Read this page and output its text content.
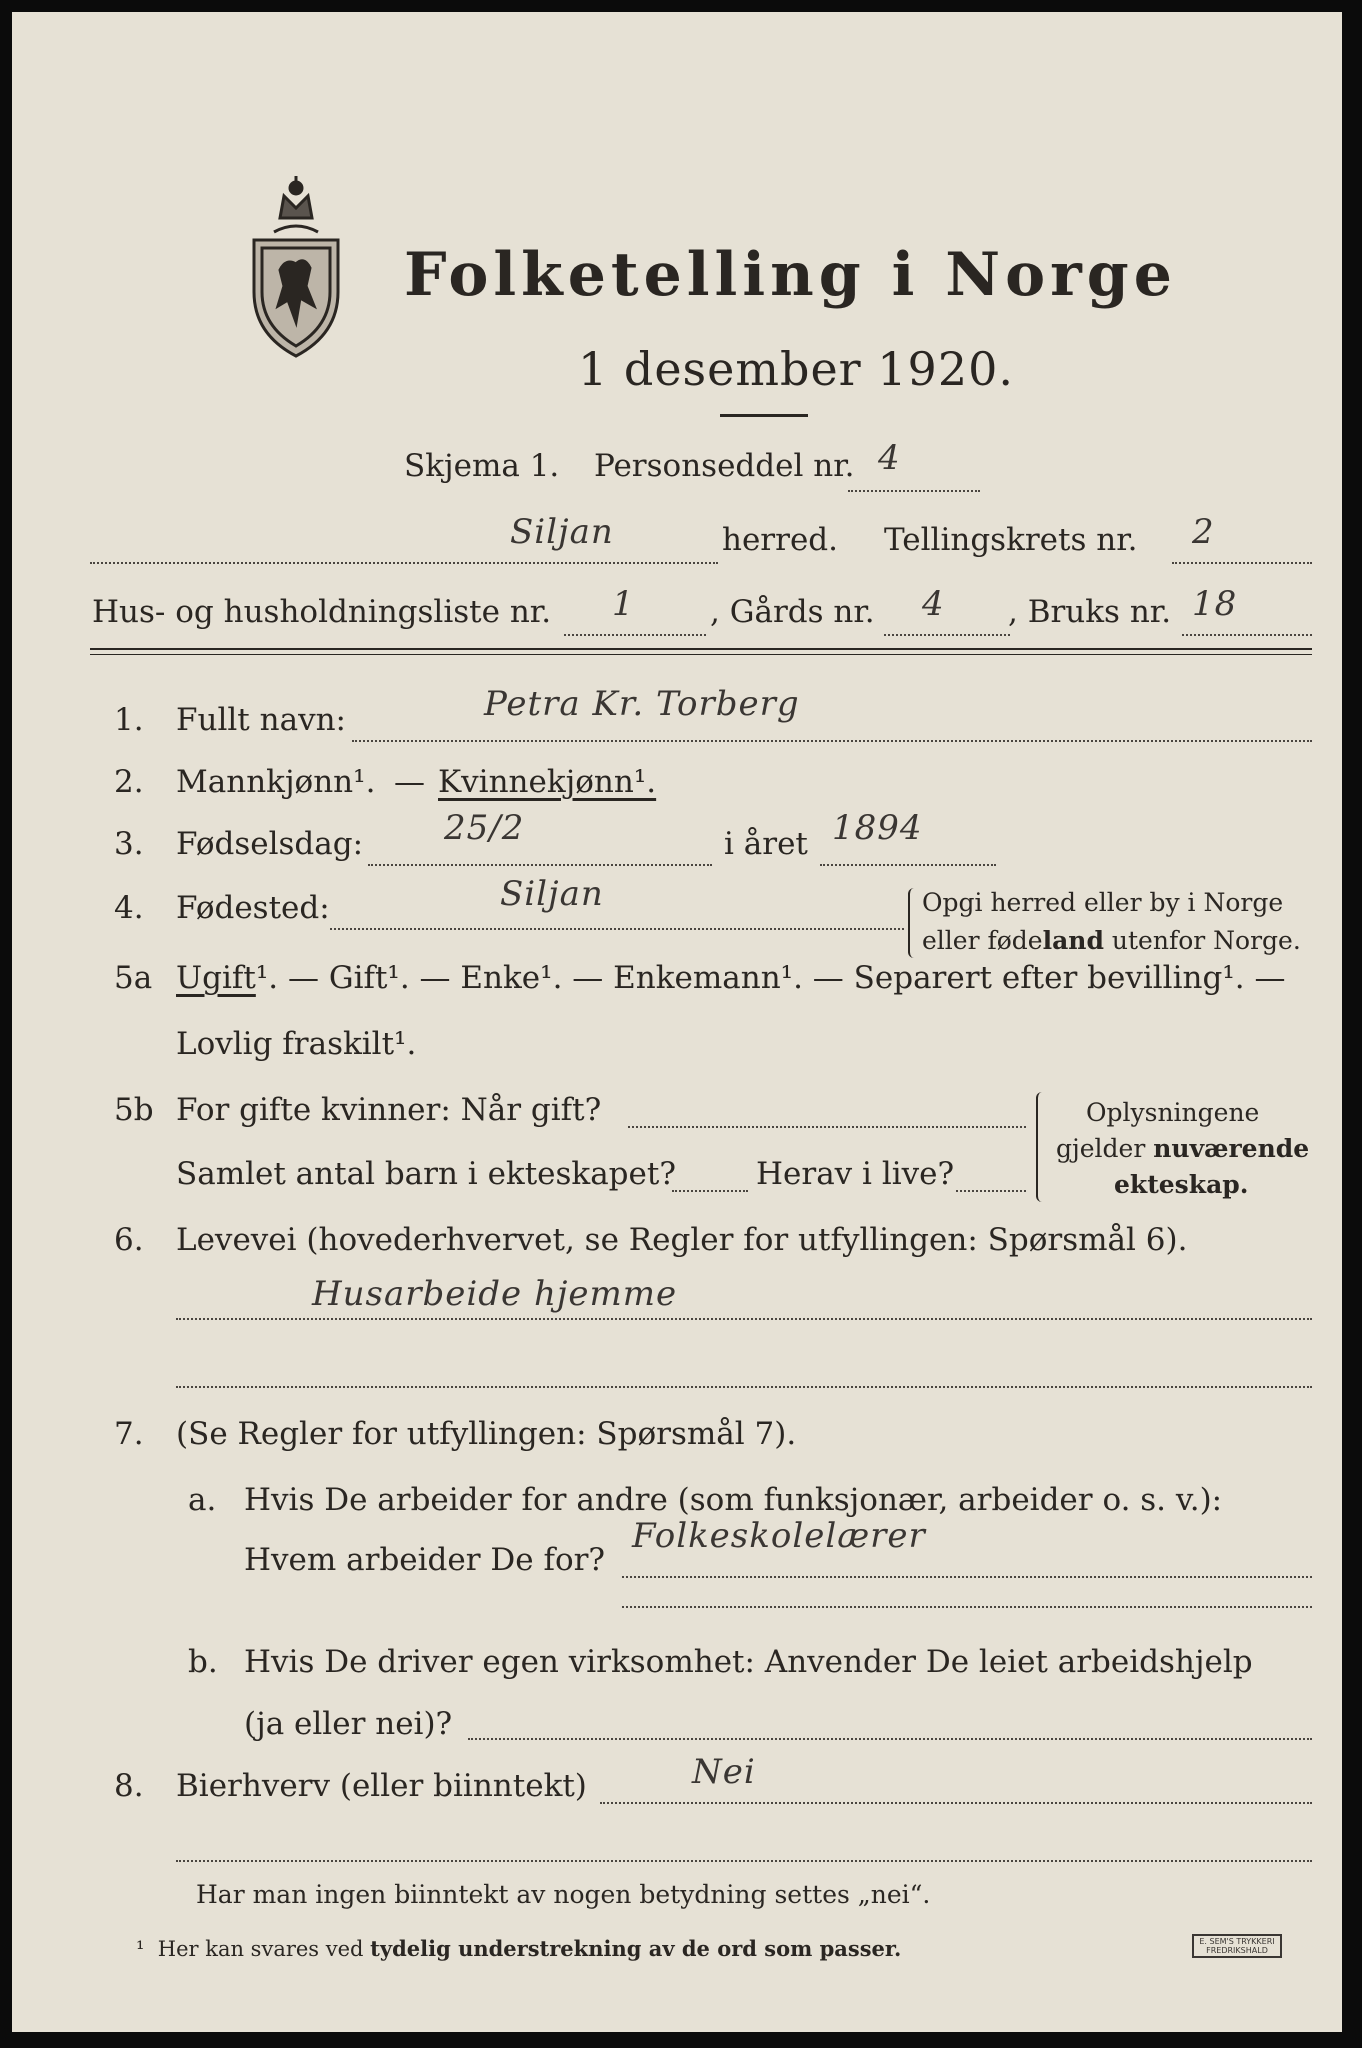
Folketelling i Norge
1 desember 1920.
Skjema 1. Personseddel nr. 4
Siljan	herred. Tellingskrets nr. 2
Hus- og husholdningsliste nr. 1 , Gårds nr. 4 , Bruks nr. 18
1. Fullt navn:	Petra Kr. Torberg
2. Mannkjønn¹. — Kvinnekjønn¹.
3. Fødselsdag: 25/2	i året 1894
4. Fødested:	Siljan	Opgi herred eller by i Norge
eller fødeland utenfor Norge.
5a Ugift¹. — Gift¹. — Enke¹. — Enkemann¹. — Separert efter bevilling¹. —
Lovlig fraskilt¹.
5b For gifte kvinner: Når gift?
Samlet antal barn i ekteskapet?	Herav i live?
Oplysningene
gjelder nuværende
ekteskap.
6. Levevei (hovederhvervet, se Regler for utfyllingen: Spørsmål 6).
Husarbeide hjemme
7. (Se Regler for utfyllingen: Spørsmål 7).
a. Hvis De arbeider for andre (som funksjonær, arbeider o. s. v.):
Hvem arbeider De for?
Folkeskolelærer
b. Hvis De driver egen virksomhet: Anvender De leiet arbeidshjelp
(ja eller nei)?
8. Bierhverv (eller biinntekt)	Nei
Har man ingen biinntekt av nogen betydning settes „nei“.
¹ Her kan svares ved tydelig understrekning av de ord som passer.	E. SEM'S TRYKKERI FREDRIKSHALD
